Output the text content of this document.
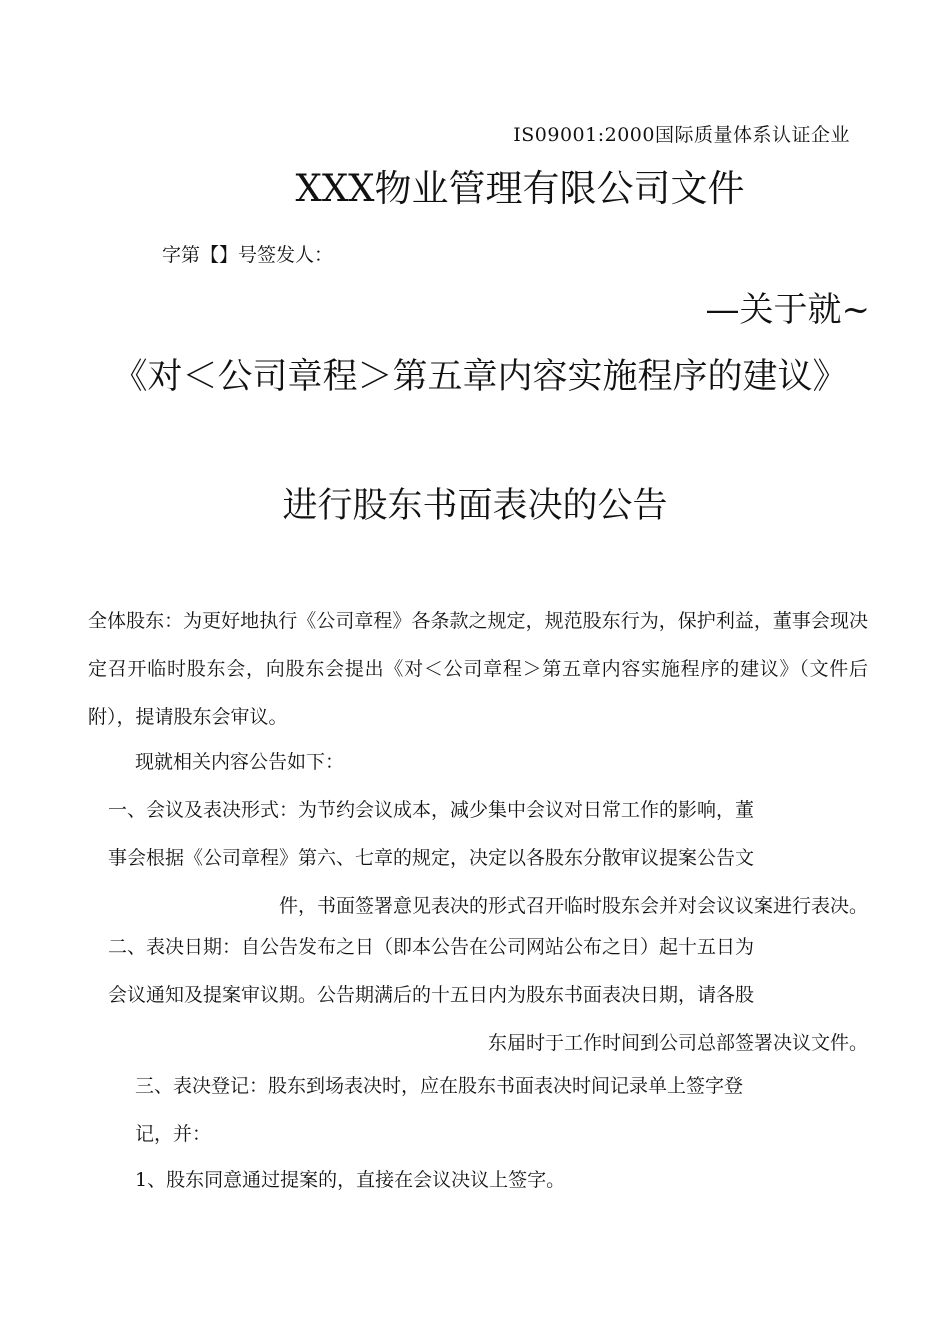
IS09001:2000国际质量体系认证企业
XXX物业管理有限公司文件
字第【】号签发人：
—关于就~
《对＜公司章程＞第五章内容实施程序的建议》
进行股东书面表决的公告
全体股东：为更好地执行《公司章程》各条款之规定，规范股东行为，保护利益，董事会现决定召开临时股东会，向股东会提出《对＜公司章程＞第五章内容实施程序的建议》（文件后附），提请股东会审议。
现就相关内容公告如下：
一、会议及表决形式：为节约会议成本，减少集中会议对日常工作的影响，董
事会根据《公司章程》第六、七章的规定，决定以各股东分散审议提案公告文
件，书面签署意见表决的形式召开临时股东会并对会议议案进行表决。
二、表决日期：自公告发布之日（即本公告在公司网站公布之日）起十五日为
会议通知及提案审议期。公告期满后的十五日内为股东书面表决日期，请各股
东届时于工作时间到公司总部签署决议文件。
三、表决登记：股东到场表决时，应在股东书面表决时间记录单上签字登
记，并：
1、股东同意通过提案的，直接在会议决议上签字。
